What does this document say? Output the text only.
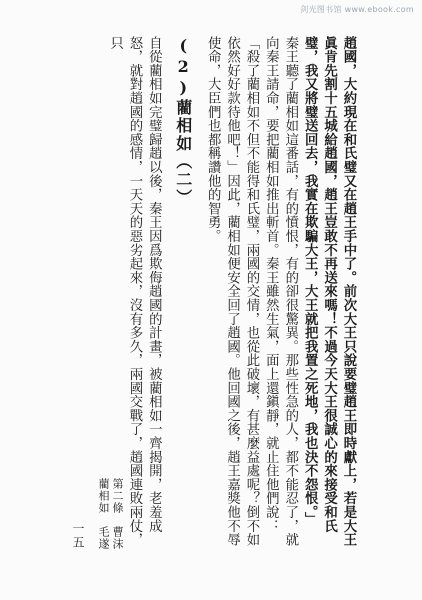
剑光图书馆 www.ebook.com

趙國，大約現在和氏璧又在趙王手中了。前次大王只說要璧趙王即時獻上，若是大王眞肯先割十五城給趙國，趙王豈敢不再送來嗎！不過今天大王很誠心的來接受和氏璧，我又將璧送回去，我實在欺騙大王，大王就把我置之死地，我也決不怨恨。」

秦王聽了藺相如這番話，有的憤恨，有的卻很驚異。那些性急的人，都不能忍了，就向秦王請命，要把藺相如推出斬首。秦王雖然生氣，面上還鎭靜，就止住他們說：「殺了藺相如不但不能得和氏璧，兩國的交情，也從此破壞，有甚麼益處呢？倒不如依然好好款待他吧！」因此，藺相如便安全回了趙國。他回國之後，趙王嘉獎他不辱使命，大臣們也都稱讚他的智勇。

(2)藺相如（二）

自從藺相如完璧歸趙以後，秦王因爲欺侮趙國的計畫，被藺相如一齊揭開，老羞成怒，就對趙國的感情，一天天的惡劣起來，沒有多久，兩國交戰了，趙國連敗兩仗，只

第二條　曹沫　藺相如　毛遂
一五
